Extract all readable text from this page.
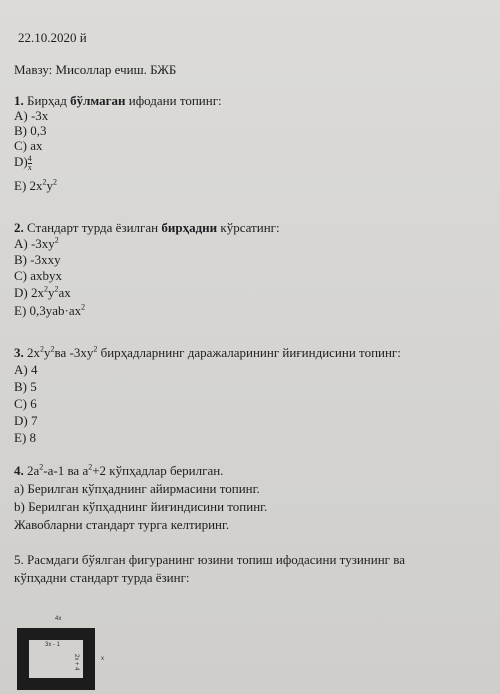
22.10.2020 й
Мавзу: Мисоллар ечиш. БЖБ
1. Бирҳад бўлмаган ифодани топинг:
A) -3x
B) 0,3
C) ax
$D) \frac{4}{x}$
E) $2x^2y^2$
2. Стандарт турда ёзилган бирҳадни кўрсатинг:
A) $-3xy^2$
B) -3xxy
C) axbyx
D) $2x^2y^2ax$
E) $0,3yab\cdot ax^2$
3. $2x^2y^2ва$ $-3xy^2$ бирҳадларнинг даражаларининг йиғиндисини топинг:
A) 4
B) 5
C) 6
D) 7
E) 8
4. $2a^2-a-1$ ва $a^2+2$ кўпҳадлар берилган.
a) Берилган кўпҳаднинг айирмасини топинг.
b) Берилган кўпҳаднинг йиғиндисини топинг.
Жавобларни стандарт турга келтиринг.
5. Расмдаги бўялган фигуранинг юзини топиш ифодасини тузининг ва
кўпҳадни стандарт турда ёзинг:
4x
3x - 1
2x + 4	x
